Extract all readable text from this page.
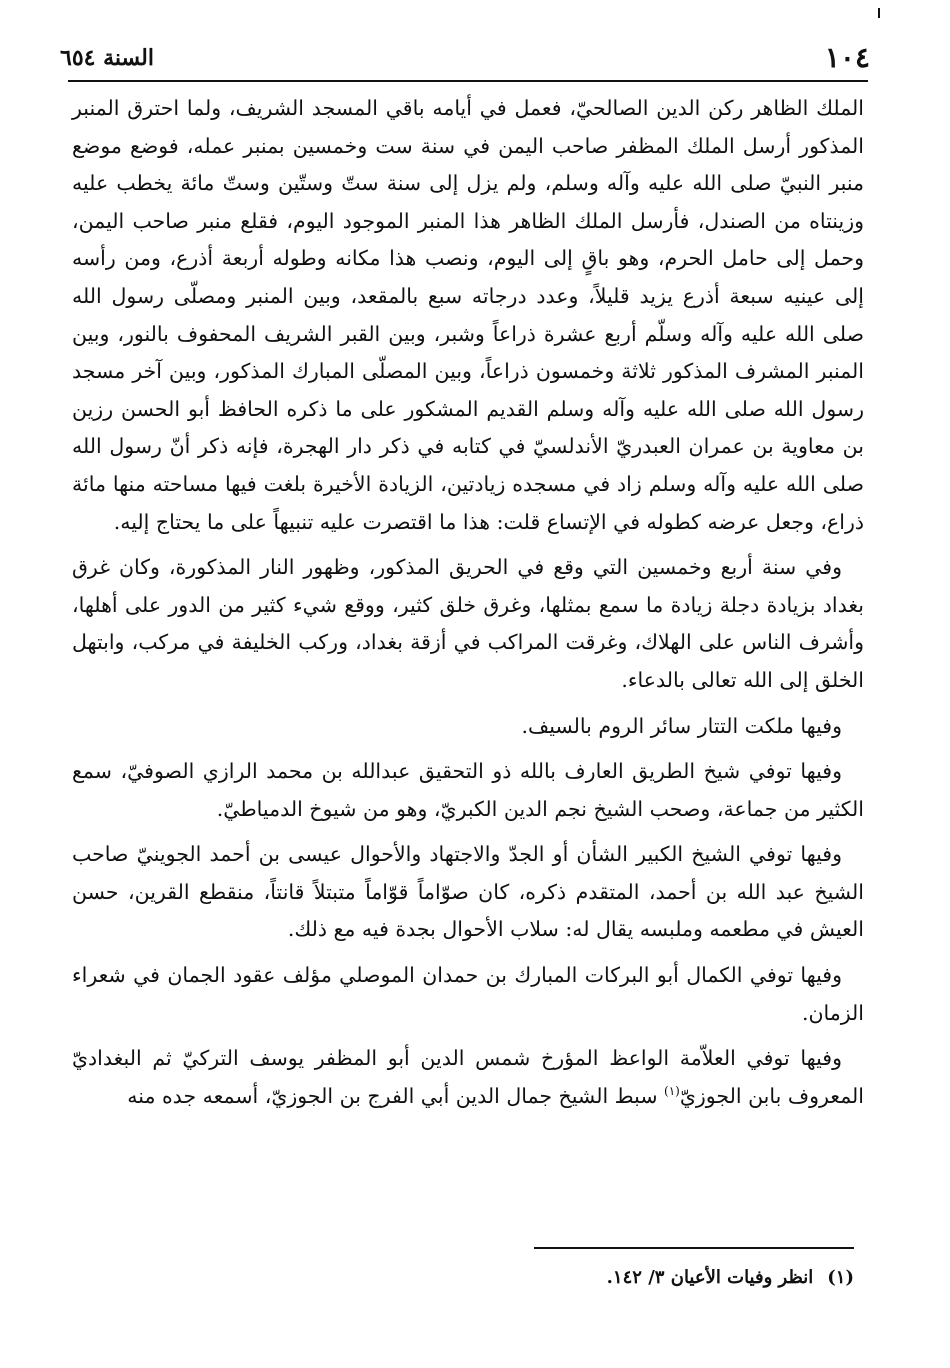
١٠٤
السنة ٦٥٤

الملك الظاهر ركن الدين الصالحيّ، فعمل في أيامه باقي المسجد الشريف، ولما احترق المنبر المذكور أرسل الملك المظفر صاحب اليمن في سنة ست وخمسين بمنبر عمله، فوضع موضع منبر النبيّ صلى الله عليه وآله وسلم، ولم يزل إلى سنة ستّ وستّين وستّ مائة يخطب عليه وزينتاه من الصندل، فأرسل الملك الظاهر هذا المنبر الموجود اليوم، فقلع منبر صاحب اليمن، وحمل إلى حامل الحرم، وهو باقٍ إلى اليوم، ونصب هذا مكانه وطوله أربعة أذرع، ومن رأسه إلى عينيه سبعة أذرع يزيد قليلاً، وعدد درجاته سبع بالمقعد، وبين المنبر ومصلّى رسول الله صلى الله عليه وآله وسلّم أربع عشرة ذراعاً وشبر، وبين القبر الشريف المحفوف بالنور، وبين المنبر المشرف المذكور ثلاثة وخمسون ذراعاً، وبين المصلّى المبارك المذكور، وبين آخر مسجد رسول الله صلى الله عليه وآله وسلم القديم المشكور على ما ذكره الحافظ أبو الحسن رزين بن معاوية بن عمران العبدريّ الأندلسيّ في كتابه في ذكر دار الهجرة، فإنه ذكر أنّ رسول الله صلى الله عليه وآله وسلم زاد في مسجده زيادتين، الزيادة الأخيرة بلغت فيها مساحته منها مائة ذراع، وجعل عرضه كطوله في الإتساع قلت: هذا ما اقتصرت عليه تنبيهاً على ما يحتاج إليه.

وفي سنة أربع وخمسين التي وقع في الحريق المذكور، وظهور النار المذكورة، وكان غرق بغداد بزيادة دجلة زيادة ما سمع بمثلها، وغرق خلق كثير، ووقع شيء كثير من الدور على أهلها، وأشرف الناس على الهلاك، وغرقت المراكب في أزقة بغداد، وركب الخليفة في مركب، وابتهل الخلق إلى الله تعالى بالدعاء.

وفيها ملكت التتار سائر الروم بالسيف.

وفيها توفي شيخ الطريق العارف بالله ذو التحقيق عبدالله بن محمد الرازي الصوفيّ، سمع الكثير من جماعة، وصحب الشيخ نجم الدين الكبريّ، وهو من شيوخ الدمياطيّ.

وفيها توفي الشيخ الكبير الشأن أو الجدّ والاجتهاد والأحوال عيسى بن أحمد الجوينيّ صاحب الشيخ عبد الله بن أحمد، المتقدم ذكره، كان صوّاماً قوّاماً متبتلاً قانتاً، منقطع القرين، حسن العيش في مطعمه وملبسه يقال له: سلاب الأحوال بجدة فيه مع ذلك.

وفيها توفي الكمال أبو البركات المبارك بن حمدان الموصلي مؤلف عقود الجمان في شعراء الزمان.

وفيها توفي العلاّمة الواعظ المؤرخ شمس الدين أبو المظفر يوسف التركيّ ثم البغداديّ المعروف بابن الجوزيّ$^{(١)}$ سبط الشيخ جمال الدين أبي الفرج بن الجوزيّ، أسمعه جده منه

(١)انظر وفيات الأعيان ٣/ ١٤٢.
